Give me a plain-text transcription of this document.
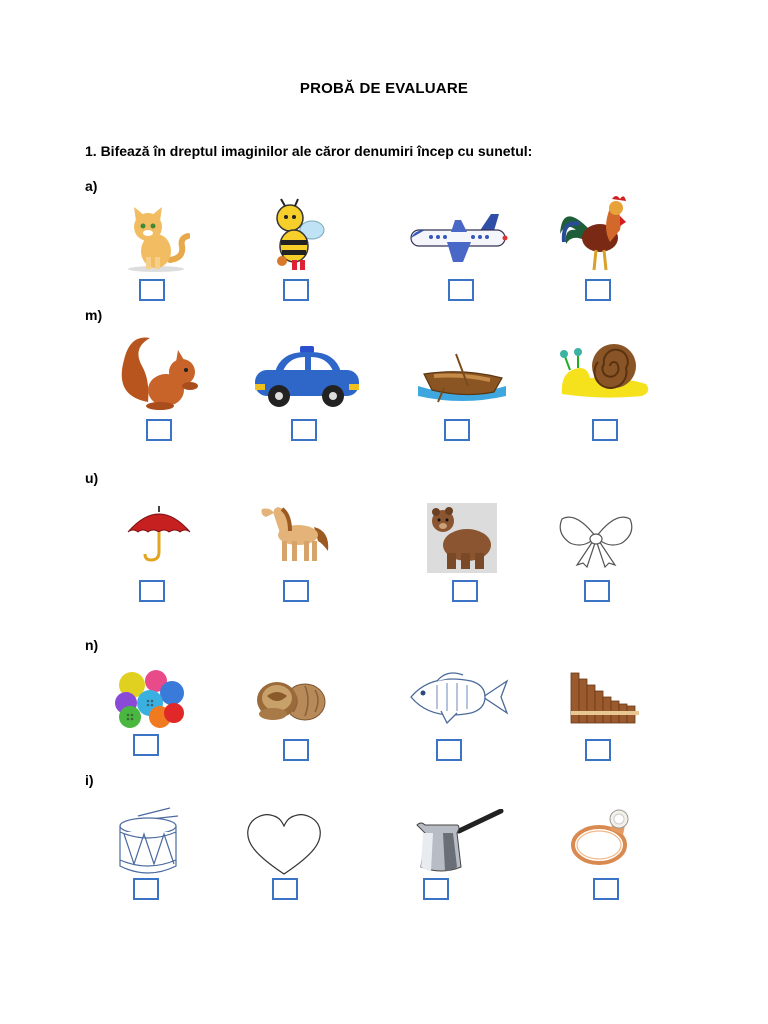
PROBĂ DE EVALUARE
1. Bifează în dreptul imaginilor ale căror denumiri încep cu sunetul:
a)
m)
u)
n)
i)
